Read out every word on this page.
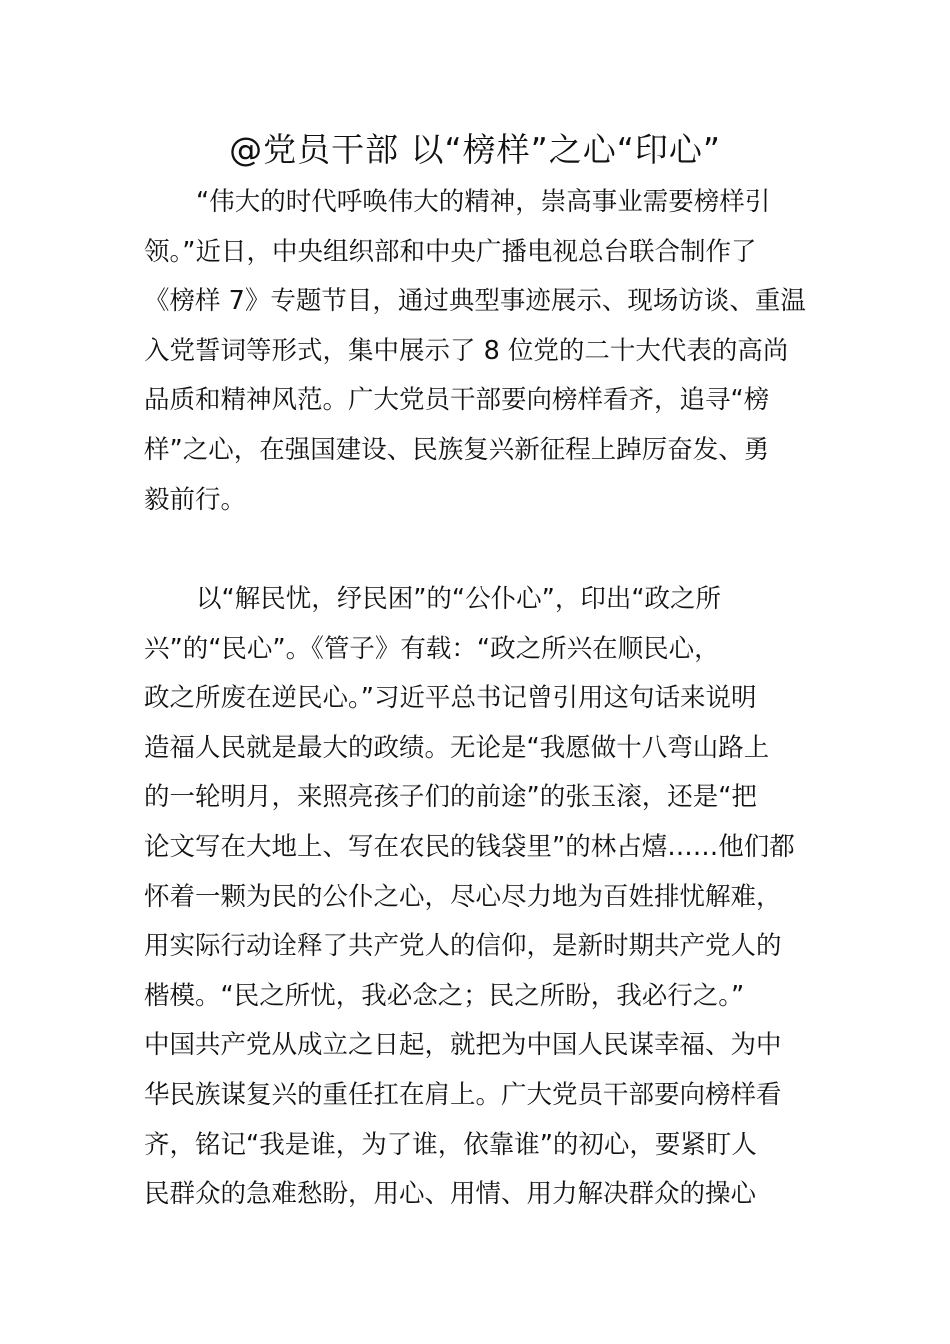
@党员干部 以“榜样”之心“印心”
“伟大的时代呼唤伟大的精神，崇高事业需要榜样引
领。”近日，中央组织部和中央广播电视总台联合制作了
《榜样 7》专题节目，通过典型事迹展示、现场访谈、重温
入党誓词等形式，集中展示了 8 位党的二十大代表的高尚
品质和精神风范。广大党员干部要向榜样看齐，追寻“榜
样”之心，在强国建设、民族复兴新征程上踔厉奋发、勇
毅前行。
以“解民忧，纾民困”的“公仆心”，印出“政之所
兴”的“民心”。《管子》有载：“政之所兴在顺民心，
政之所废在逆民心。”习近平总书记曾引用这句话来说明
造福人民就是最大的政绩。无论是“我愿做十八弯山路上
的一轮明月，来照亮孩子们的前途”的张玉滚，还是“把
论文写在大地上、写在农民的钱袋里”的林占熺……他们都
怀着一颗为民的公仆之心，尽心尽力地为百姓排忧解难，
用实际行动诠释了共产党人的信仰，是新时期共产党人的
楷模。“民之所忧，我必念之；民之所盼，我必行之。”
中国共产党从成立之日起，就把为中国人民谋幸福、为中
华民族谋复兴的重任扛在肩上。广大党员干部要向榜样看
齐，铭记“我是谁，为了谁，依靠谁”的初心，要紧盯人
民群众的急难愁盼，用心、用情、用力解决群众的操心
